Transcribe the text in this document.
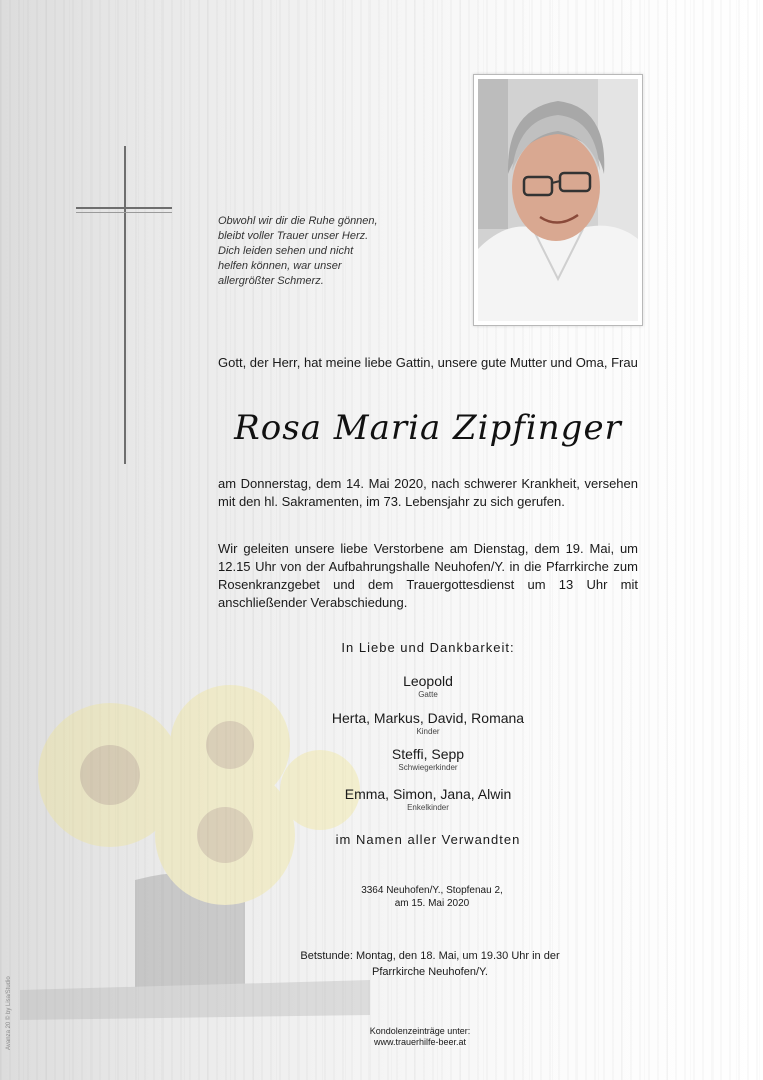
Obwohl wir dir die Ruhe gönnen,
bleibt voller Trauer unser Herz.
Dich leiden sehen und nicht
helfen können, war unser
allergrößter Schmerz.
Gott, der Herr, hat meine liebe Gattin, unsere gute Mutter und Oma, Frau
Rosa Maria Zipfinger
am Donnerstag, dem 14. Mai 2020, nach schwerer Krankheit, versehen mit den hl. Sakramenten, im 73. Lebensjahr zu sich gerufen.
Wir geleiten unsere liebe Verstorbene am Dienstag, dem 19. Mai, um 12.15 Uhr von der Aufbahrungshalle Neuhofen/Y. in die Pfarrkirche zum Rosenkranzgebet und dem Trauergottesdienst um 13 Uhr mit anschließender Verabschiedung.
In Liebe und Dankbarkeit:
Leopold
Gatte
Herta, Markus, David, Romana
Kinder
Steffi, Sepp
Schwiegerkinder
Emma, Simon, Jana, Alwin
Enkelkinder
im Namen aller Verwandten
3364 Neuhofen/Y., Stopfenau 2,
am 15. Mai 2020
Betstunde: Montag, den 18. Mai, um 19.30 Uhr in der
Pfarrkirche Neuhofen/Y.
Kondolenzeinträge unter:
www.trauerhilfe-beer.at
Avanza 20 © by Lisa/Studio
